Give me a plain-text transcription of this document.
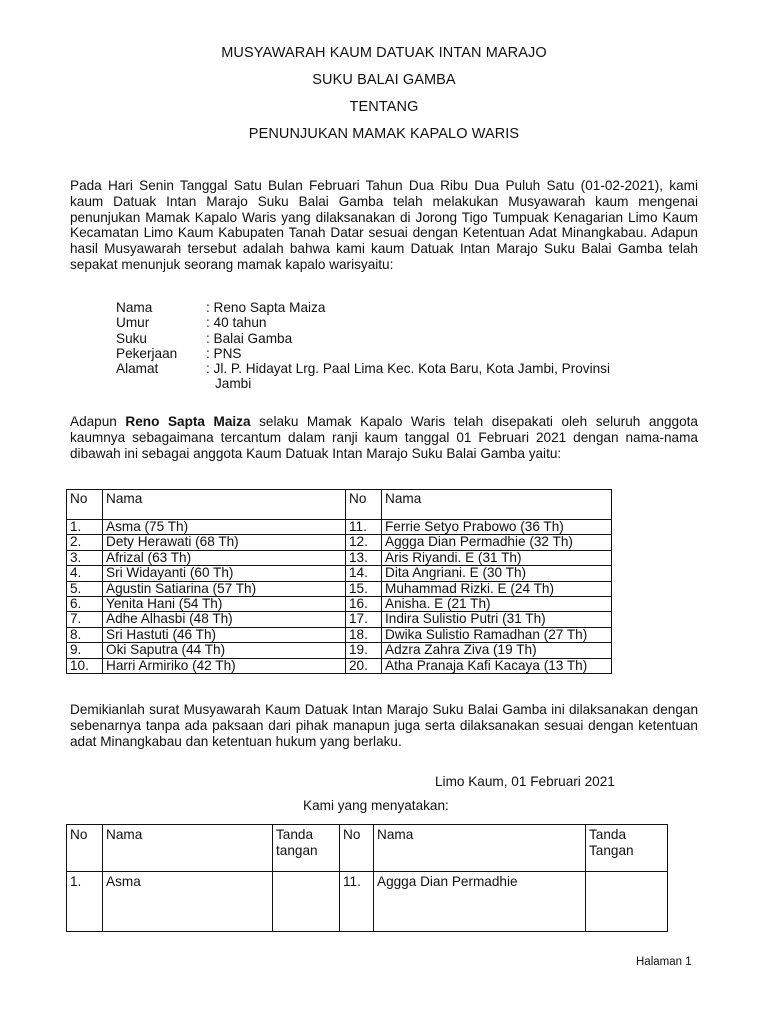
MUSYAWARAH KAUM DATUAK INTAN MARAJO
SUKU BALAI GAMBA
TENTANG
PENUNJUKAN MAMAK KAPALO WARIS
Pada Hari Senin Tanggal Satu Bulan Februari Tahun Dua Ribu Dua Puluh Satu (01-02-2021), kami kaum Datuak Intan Marajo Suku Balai Gamba telah melakukan Musyawarah kaum mengenai penunjukan Mamak Kapalo Waris yang dilaksanakan di Jorong Tigo Tumpuak Kenagarian Limo Kaum Kecamatan Limo Kaum Kabupaten Tanah Datar sesuai dengan Ketentuan Adat Minangkabau. Adapun hasil Musyawarah tersebut adalah bahwa kami kaum Datuak Intan Marajo Suku Balai Gamba telah sepakat menunjuk seorang mamak kapalo warisyaitu:
Nama	: Reno Sapta Maiza
Umur	: 40 tahun
Suku	: Balai Gamba
Pekerjaan	: PNS
Alamat	: Jl. P. Hidayat Lrg. Paal Lima Kec. Kota Baru, Kota Jambi, Provinsi
Jambi
Adapun Reno Sapta Maiza selaku Mamak Kapalo Waris telah disepakati oleh seluruh anggota kaumnya sebagaimana tercantum dalam ranji kaum tanggal 01 Februari 2021 dengan nama-nama dibawah ini sebagai anggota Kaum Datuak Intan Marajo Suku Balai Gamba yaitu:
No	Nama	No	Nama
1.	Asma (75 Th)	11.	Ferrie Setyo Prabowo (36 Th)
2.	Dety Herawati (68 Th)	12.	Aggga Dian Permadhie (32 Th)
3.	Afrizal (63 Th)	13.	Aris Riyandi. E (31 Th)
4.	Sri Widayanti (60 Th)	14.	Dita Angriani. E (30 Th)
5.	Agustin Satiarina (57 Th)	15.	Muhammad Rizki. E (24 Th)
6.	Yenita Hani (54 Th)	16.	Anisha. E (21 Th)
7.	Adhe Alhasbi (48 Th)	17.	Indira Sulistio Putri (31 Th)
8.	Sri Hastuti (46 Th)	18.	Dwika Sulistio Ramadhan (27 Th)
9.	Oki Saputra (44 Th)	19.	Adzra Zahra Ziva (19 Th)
10.	Harri Armiriko (42 Th)	20.	Atha Pranaja Kafi Kacaya (13 Th)
Demikianlah surat Musyawarah Kaum Datuak Intan Marajo Suku Balai Gamba ini dilaksanakan dengan sebenarnya tanpa ada paksaan dari pihak manapun juga serta dilaksanakan sesuai dengan ketentuan adat Minangkabau dan ketentuan hukum yang berlaku.
Limo Kaum, 01 Februari 2021
Kami yang menyatakan:
No	Nama	Tanda tangan	No	Nama	Tanda Tangan
1.	Asma		11.	Aggga Dian Permadhie	
Halaman 1
